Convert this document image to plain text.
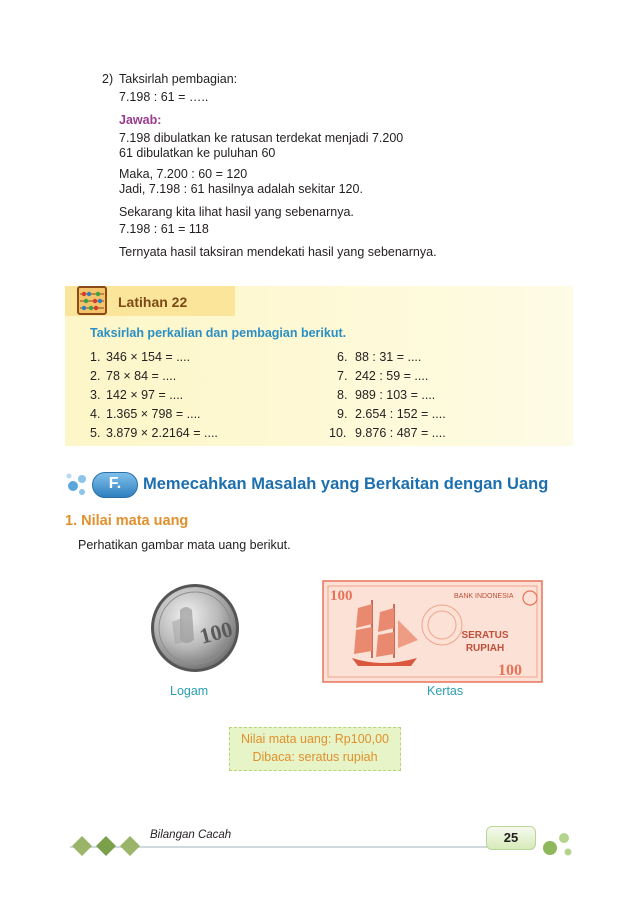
2) Taksirlah pembagian:
7.198 : 61 = …..
Jawab:
7.198 dibulatkan ke ratusan terdekat menjadi 7.200
61 dibulatkan ke puluhan 60
Maka, 7.200 : 60 = 120
Jadi, 7.198 : 61 hasilnya adalah sekitar 120.
Sekarang kita lihat hasil yang sebenarnya.
7.198 : 61 = 118
Ternyata hasil taksiran mendekati hasil yang sebenarnya.
Latihan 22
Taksirlah perkalian dan pembagian berikut.
1. 346 × 154 = ....
2. 78 × 84 = ....
3. 142 × 97 = ....
4. 1.365 × 798 = ....
5. 3.879 × 2.2164 = ....
6. 88 : 31 = ....
7. 242 : 59 = ....
8. 989 : 103 = ....
9. 2.654 : 152 = ....
10. 9.876 : 487 = ....
F.	Memecahkan Masalah yang Berkaitan dengan Uang
1. Nilai mata uang
Perhatikan gambar mata uang berikut.
100
Logam
100	BANK INDONESIA
SERATUS
RUPIAH
100
Kertas
Nilai mata uang: Rp100,00
Dibaca: seratus rupiah
Bilangan Cacah	25
